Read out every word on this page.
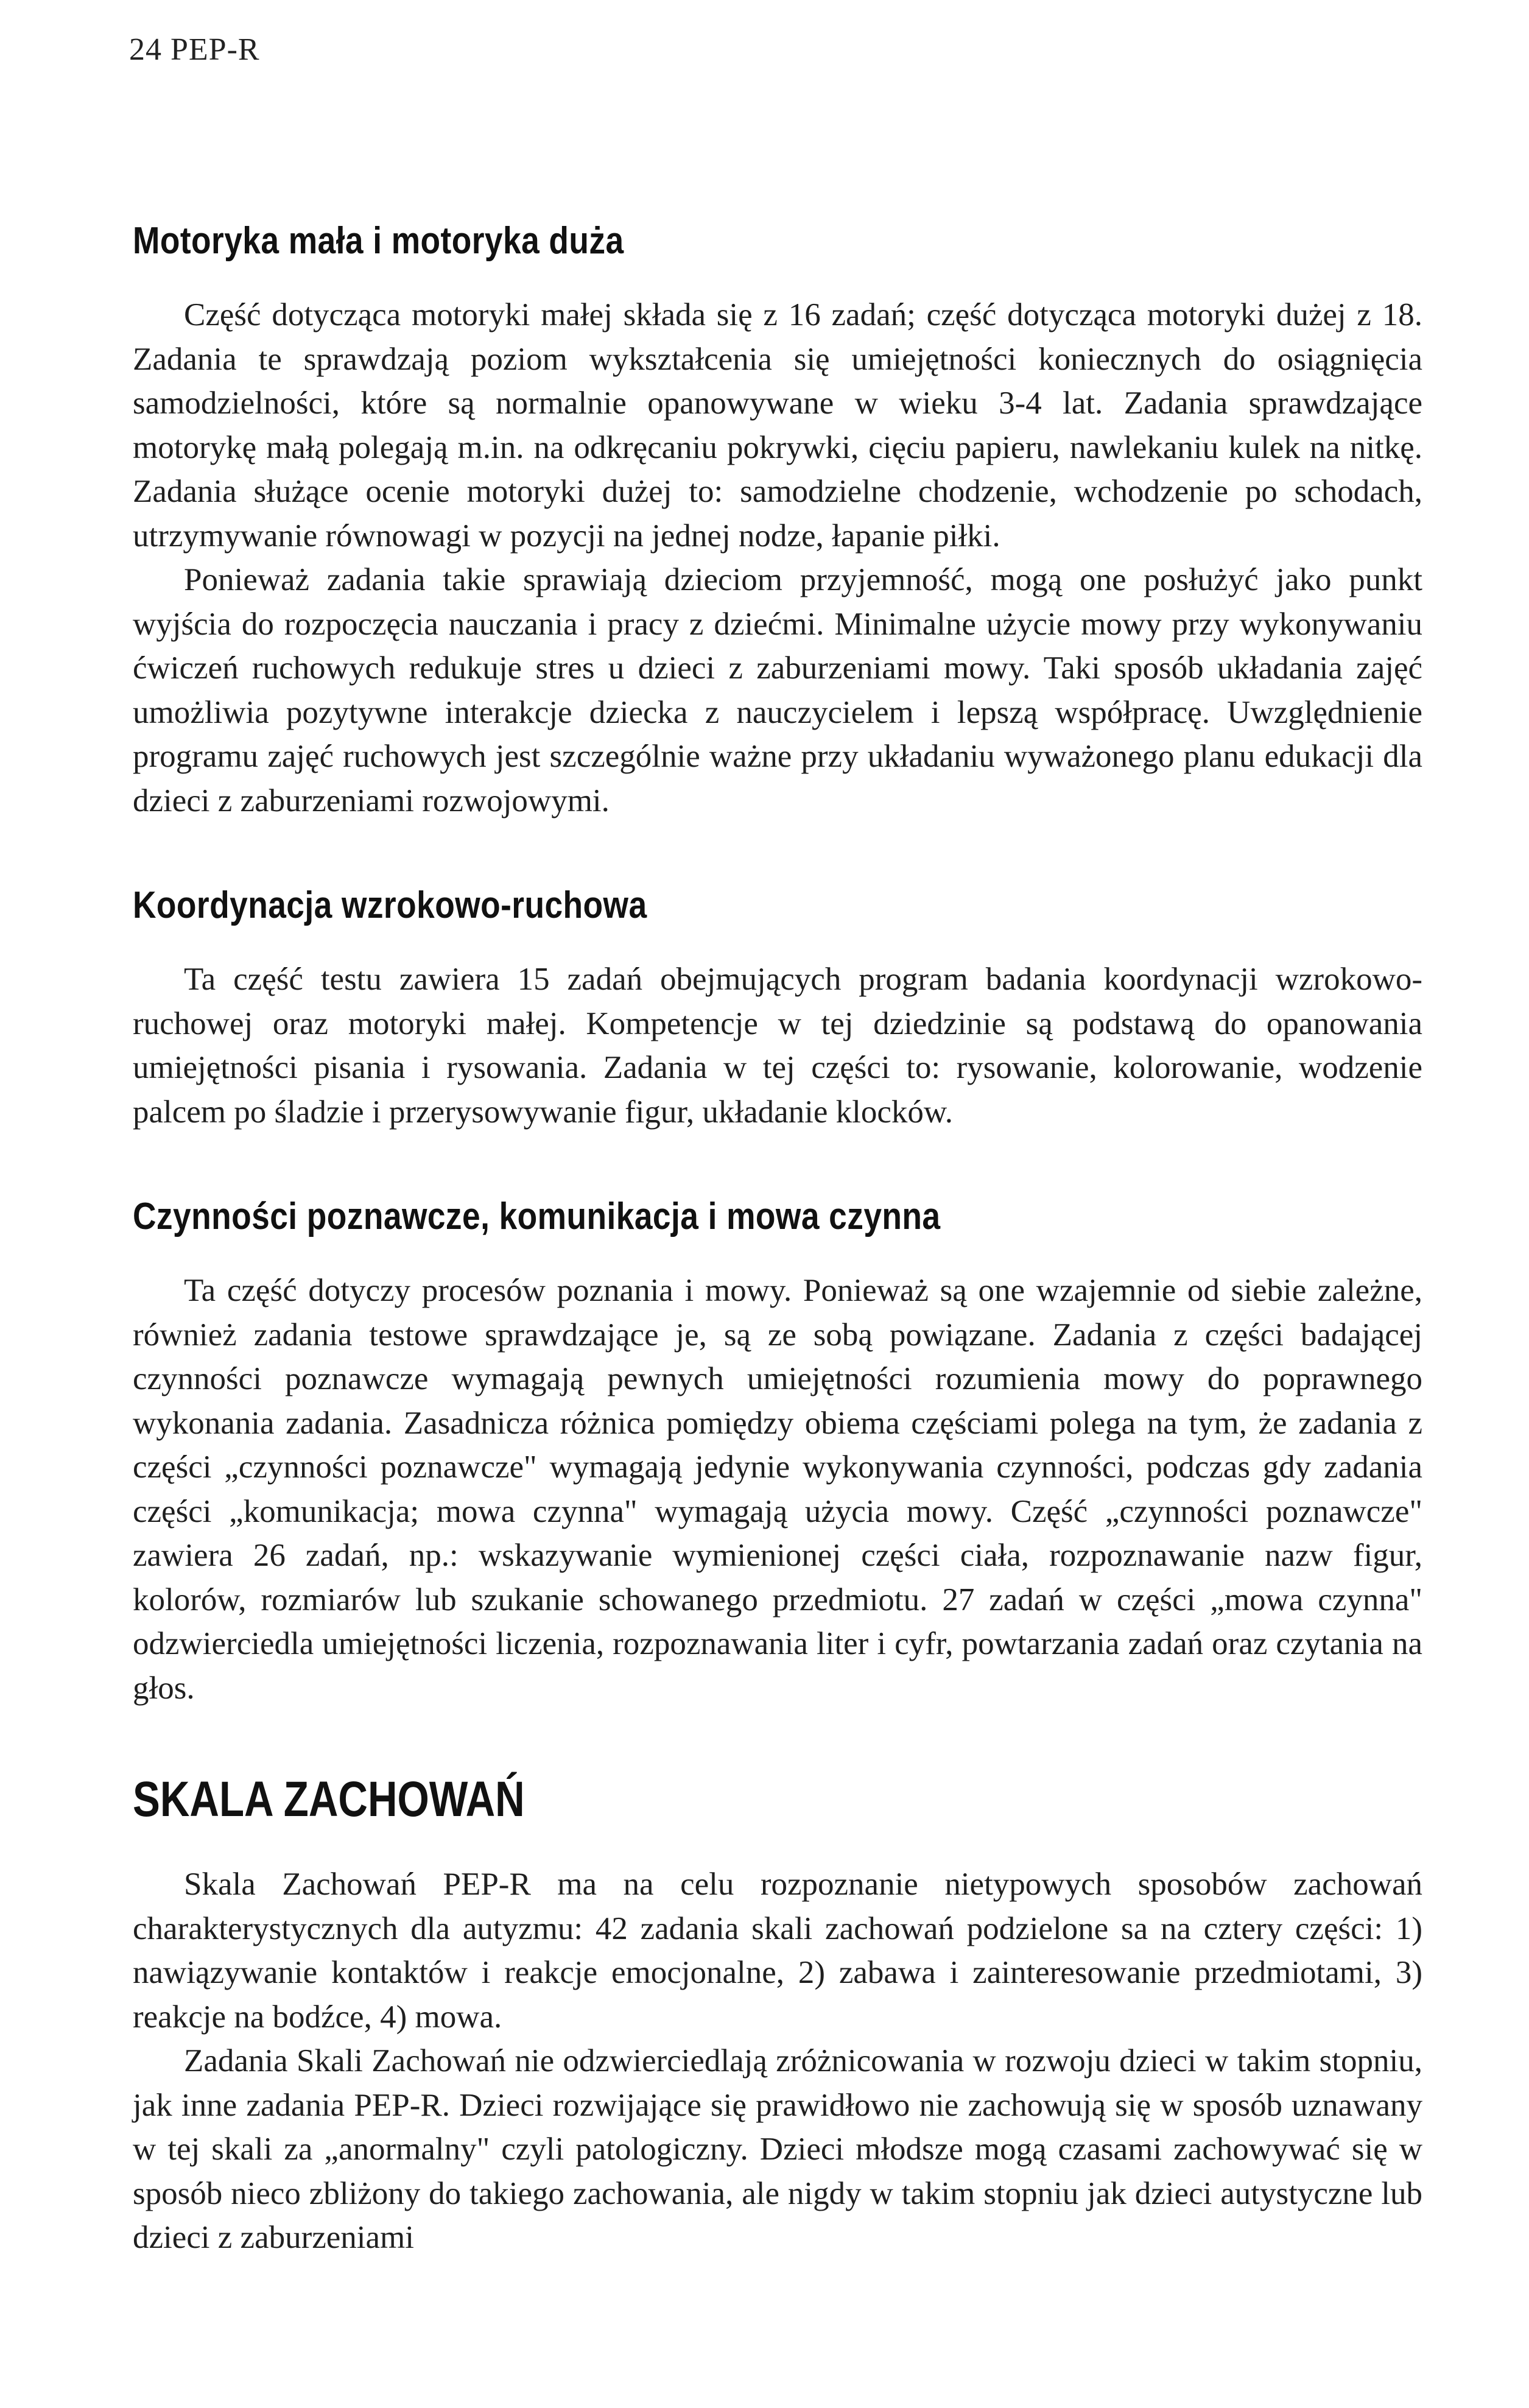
24 PEP-R
Motoryka mała i motoryka duża

Część dotycząca motoryki małej składa się z 16 zadań; część dotycząca motoryki dużej z 18. Zadania te sprawdzają poziom wykształcenia się umiejętności koniecznych do osiągnięcia samodzielności, które są normalnie opanowywane w wieku 3-4 lat. Zadania sprawdzające motorykę małą polegają m.in. na odkręcaniu pokrywki, cięciu papieru, nawlekaniu kulek na nitkę. Zadania służące ocenie motoryki dużej to: samodzielne chodzenie, wchodzenie po schodach, utrzymywanie równowagi w pozycji na jednej nodze, łapanie piłki.

Ponieważ zadania takie sprawiają dzieciom przyjemność, mogą one posłużyć jako punkt wyjścia do rozpoczęcia nauczania i pracy z dziećmi. Minimalne użycie mowy przy wykonywaniu ćwiczeń ruchowych redukuje stres u dzieci z zaburzeniami mowy. Taki sposób układania zajęć umożliwia pozytywne interakcje dziecka z nauczycielem i lepszą współpracę. Uwzględnienie programu zajęć ruchowych jest szczególnie ważne przy układaniu wyważonego planu edukacji dla dzieci z zaburzeniami rozwojowymi.

Koordynacja wzrokowo-ruchowa

Ta część testu zawiera 15 zadań obejmujących program badania koordynacji wzrokowo-ruchowej oraz motoryki małej. Kompetencje w tej dziedzinie są podstawą do opanowania umiejętności pisania i rysowania. Zadania w tej części to: rysowanie, kolorowanie, wodzenie palcem po śladzie i przerysowywanie figur, układanie klocków.

Czynności poznawcze, komunikacja i mowa czynna

Ta część dotyczy procesów poznania i mowy. Ponieważ są one wzajemnie od siebie zależne, również zadania testowe sprawdzające je, są ze sobą powiązane. Zadania z części badającej czynności poznawcze wymagają pewnych umiejętności rozumienia mowy do poprawnego wykonania zadania. Zasadnicza różnica pomiędzy obiema częściami polega na tym, że zadania z części „czynności poznawcze" wymagają jedynie wykonywania czynności, podczas gdy zadania części „komunikacja; mowa czynna" wymagają użycia mowy. Część „czynności poznawcze" zawiera 26 zadań, np.: wskazywanie wymienionej części ciała, rozpoznawanie nazw figur, kolorów, rozmiarów lub szukanie schowanego przedmiotu. 27 zadań w części „mowa czynna" odzwierciedla umiejętności liczenia, rozpoznawania liter i cyfr, powtarzania zadań oraz czytania na głos.

SKALA ZACHOWAŃ

Skala Zachowań PEP-R ma na celu rozpoznanie nietypowych sposobów zachowań charakterystycznych dla autyzmu: 42 zadania skali zachowań podzielone sa na cztery części: 1) nawiązywanie kontaktów i reakcje emocjonalne, 2) zabawa i zainteresowanie przedmiotami, 3) reakcje na bodźce, 4) mowa.

Zadania Skali Zachowań nie odzwierciedlają zróżnicowania w rozwoju dzieci w takim stopniu, jak inne zadania PEP-R. Dzieci rozwijające się prawidłowo nie zachowują się w sposób uznawany w tej skali za „anormalny" czyli patologiczny. Dzieci młodsze mogą czasami zachowywać się w sposób nieco zbliżony do takiego zachowania, ale nigdy w takim stopniu jak dzieci autystyczne lub dzieci z zaburzeniami
